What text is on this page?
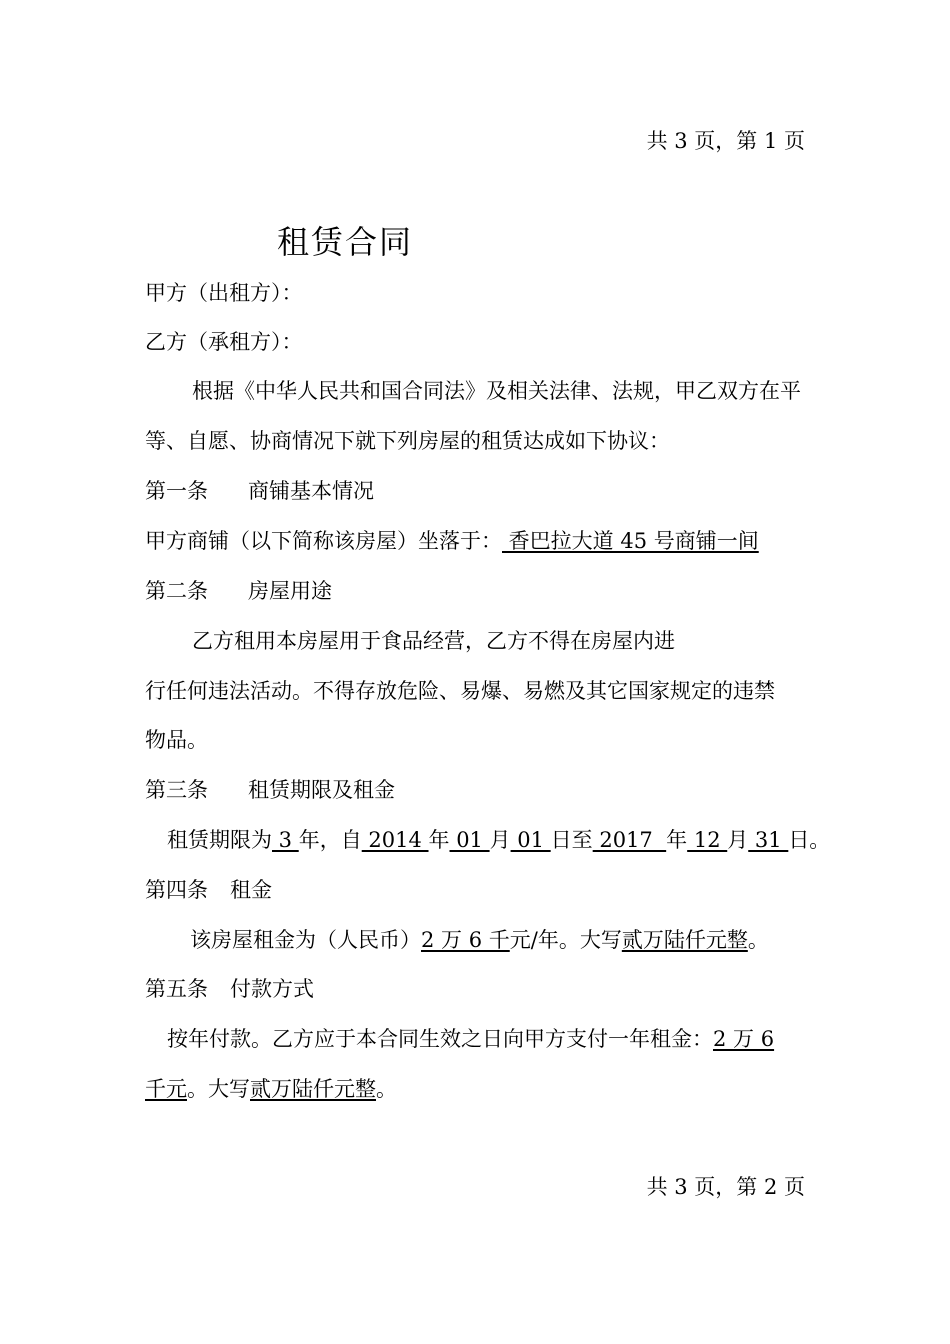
共 3 页，第 1 页
租赁合同
甲方（出租方）：
乙方（承租方）：
根据《中华人民共和国合同法》及相关法律、法规，甲乙双方在平
等、自愿、协商情况下就下列房屋的租赁达成如下协议：
第一条 商铺基本情况
甲方商铺（以下简称该房屋）坐落于： 香巴拉大道 45 号商铺一间
第二条 房屋用途
乙方租用本房屋用于食品经营，乙方不得在房屋内进
行任何违法活动。不得存放危险、易爆、易燃及其它国家规定的违禁
物品。
第三条 租赁期限及租金
租赁期限为 3 年，自 2014 年 01 月 01 日至 2017  年 12 月 31 日。
第四条 租金
该房屋租金为（人民币）2 万 6 千元/年。大写贰万陆仟元整。
第五条 付款方式
按年付款。乙方应于本合同生效之日向甲方支付一年租金：2 万 6
千元。大写贰万陆仟元整。
共 3 页，第 2 页
